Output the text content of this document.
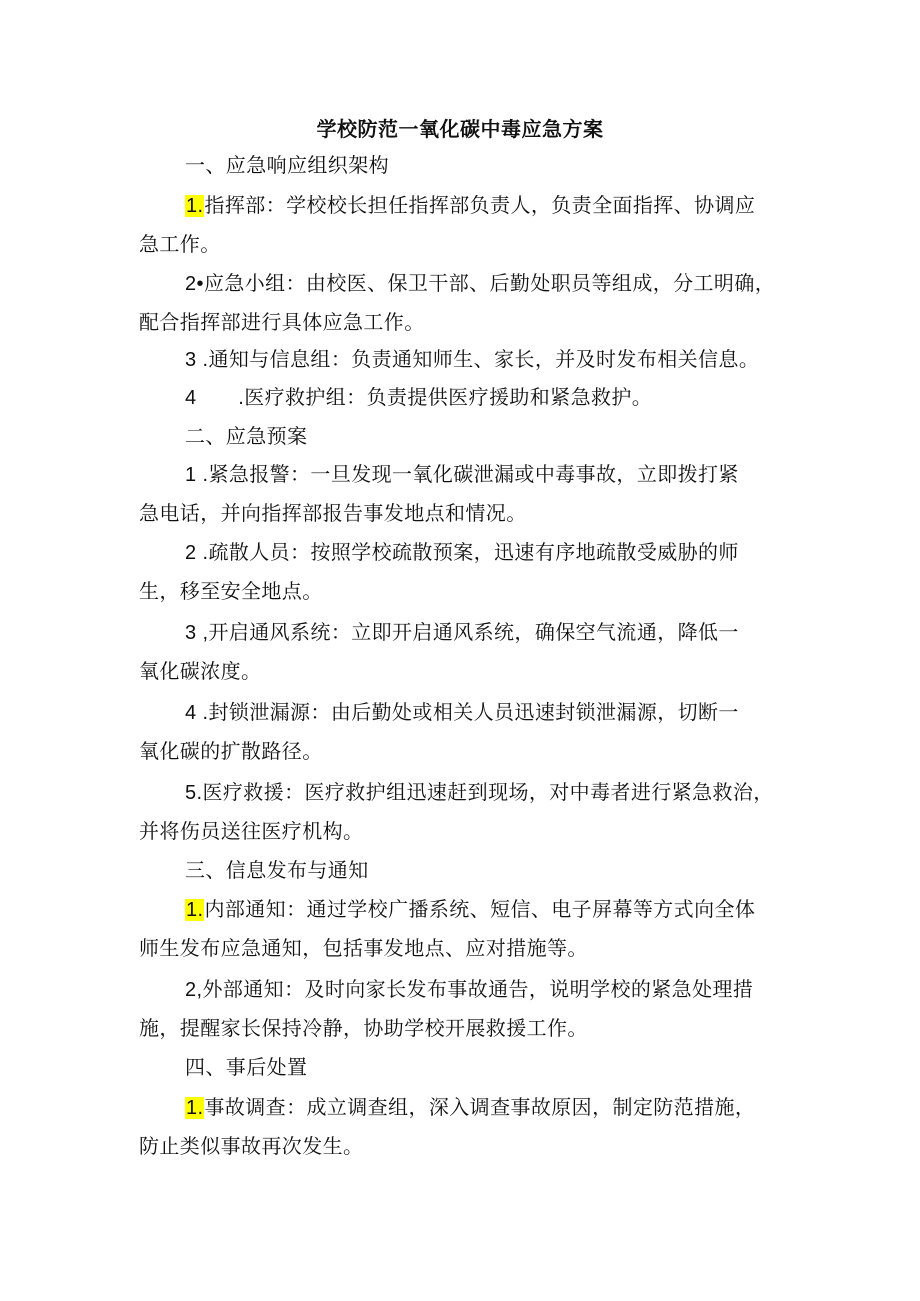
学校防范一氧化碳中毒应急方案
一、应急响应组织架构
1.指挥部：学校校长担任指挥部负责人，负责全面指挥、协调应
急工作。
2•应急小组：由校医、保卫干部、后勤处职员等组成，分工明确，
配合指挥部进行具体应急工作。
3 .通知与信息组：负责通知师生、家长，并及时发布相关信息。
4       .医疗救护组：负责提供医疗援助和紧急救护。
二、应急预案
1 .紧急报警：一旦发现一氧化碳泄漏或中毒事故，立即拨打紧
急电话，并向指挥部报告事发地点和情况。
2 .疏散人员：按照学校疏散预案，迅速有序地疏散受威胁的师
生，移至安全地点。
3 ,开启通风系统：立即开启通风系统，确保空气流通，降低一
氧化碳浓度。
4 .封锁泄漏源：由后勤处或相关人员迅速封锁泄漏源，切断一
氧化碳的扩散路径。
5.医疗救援：医疗救护组迅速赶到现场，对中毒者进行紧急救治，
并将伤员送往医疗机构。
三、信息发布与通知
1.内部通知：通过学校广播系统、短信、电子屏幕等方式向全体
师生发布应急通知，包括事发地点、应对措施等。
2,外部通知：及时向家长发布事故通告，说明学校的紧急处理措
施，提醒家长保持冷静，协助学校开展救援工作。
四、事后处置
1.事故调查：成立调查组，深入调查事故原因，制定防范措施，
防止类似事故再次发生。
